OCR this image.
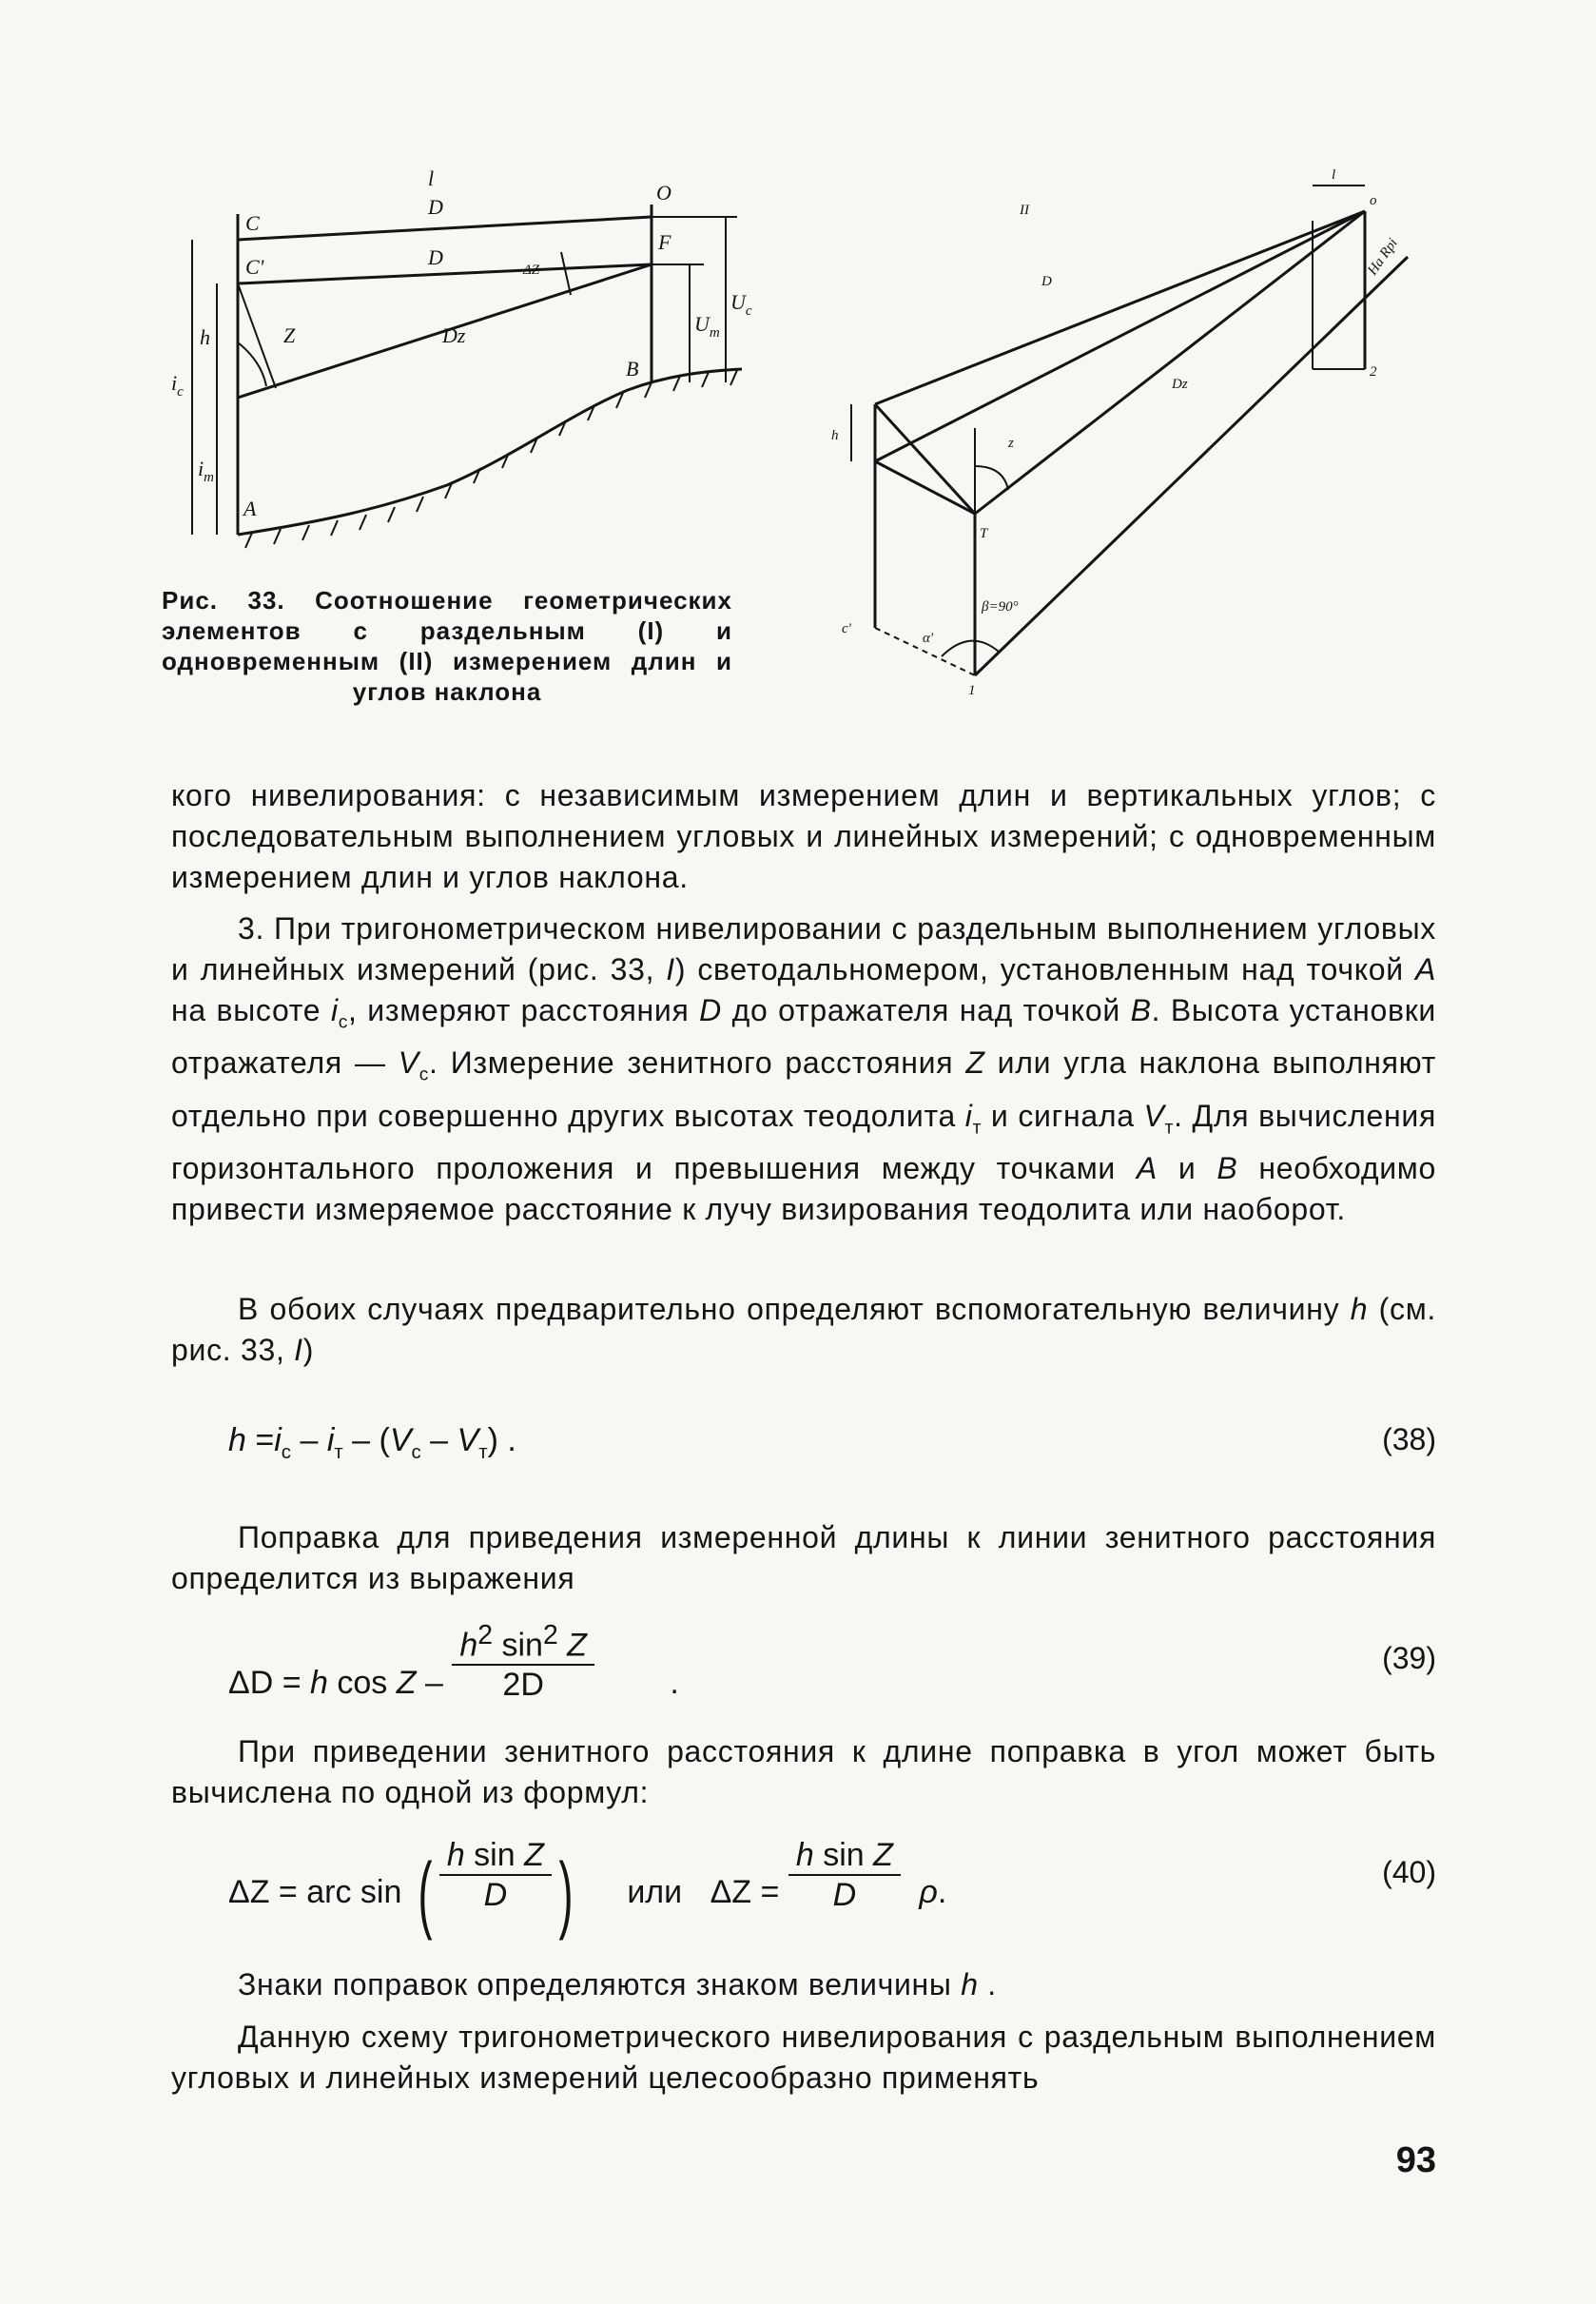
l
D
D
O
C
C'
F
ΔZ
Z	Dz
B
A
h
$i_c$
$i_т$
$U_т$
$U_c$
II
l
o
D
Dz
На Rpi
z
h
T
c'
α'
β=90°
1
2
Рис. 33. Соотношение геометрических элементов с раздельным (I) и одновременным (II) измерением длин и углов наклона
кого нивелирования: с независимым измерением длин и вертикальных углов; с последовательным выполнением угловых и линейных измерений; с одновременным измерением длин и углов наклона.
3. При тригонометрическом нивелировании с раздельным выполнением угловых и линейных измерений (рис. 33, I) светодальномером, установленным над точкой A на высоте $i_c$, измеряют расстояния D до отражателя над точкой B. Высота установки отражателя — $V_c$. Измерение зенитного расстояния Z или угла наклона выполняют отдельно при совершенно других высотах теодолита $i_т$ и сигнала $V_т$. Для вычисления горизонтального проложения и превышения между точками A и B необходимо привести измеряемое расстояние к лучу визирования теодолита или наоборот.
В обоих случаях предварительно определяют вспомогательную величину h (см. рис. 33, I)
$h =i_c - i_т - (V_c - V_т)$ .	(38)
Поправка для приведения измеренной длины к линии зенитного расстояния определится из выражения
ΔD = h cos Z – $\frac{h^2 \sin^2 Z}{2D}$ .
(39)
При приведении зенитного расстояния к длине поправка в угол может быть вычислена по одной из формул:
ΔZ = arc sin ( $\frac{\text{h sin Z}}{D}$ ) или $\Delta Z = \frac{\text{h sin Z}}{D} \rho$.
(40)
Знаки поправок определяются знаком величины h .
Данную схему тригонометрического нивелирования с раздельным выполнением угловых и линейных измерений целесообразно применять
93
